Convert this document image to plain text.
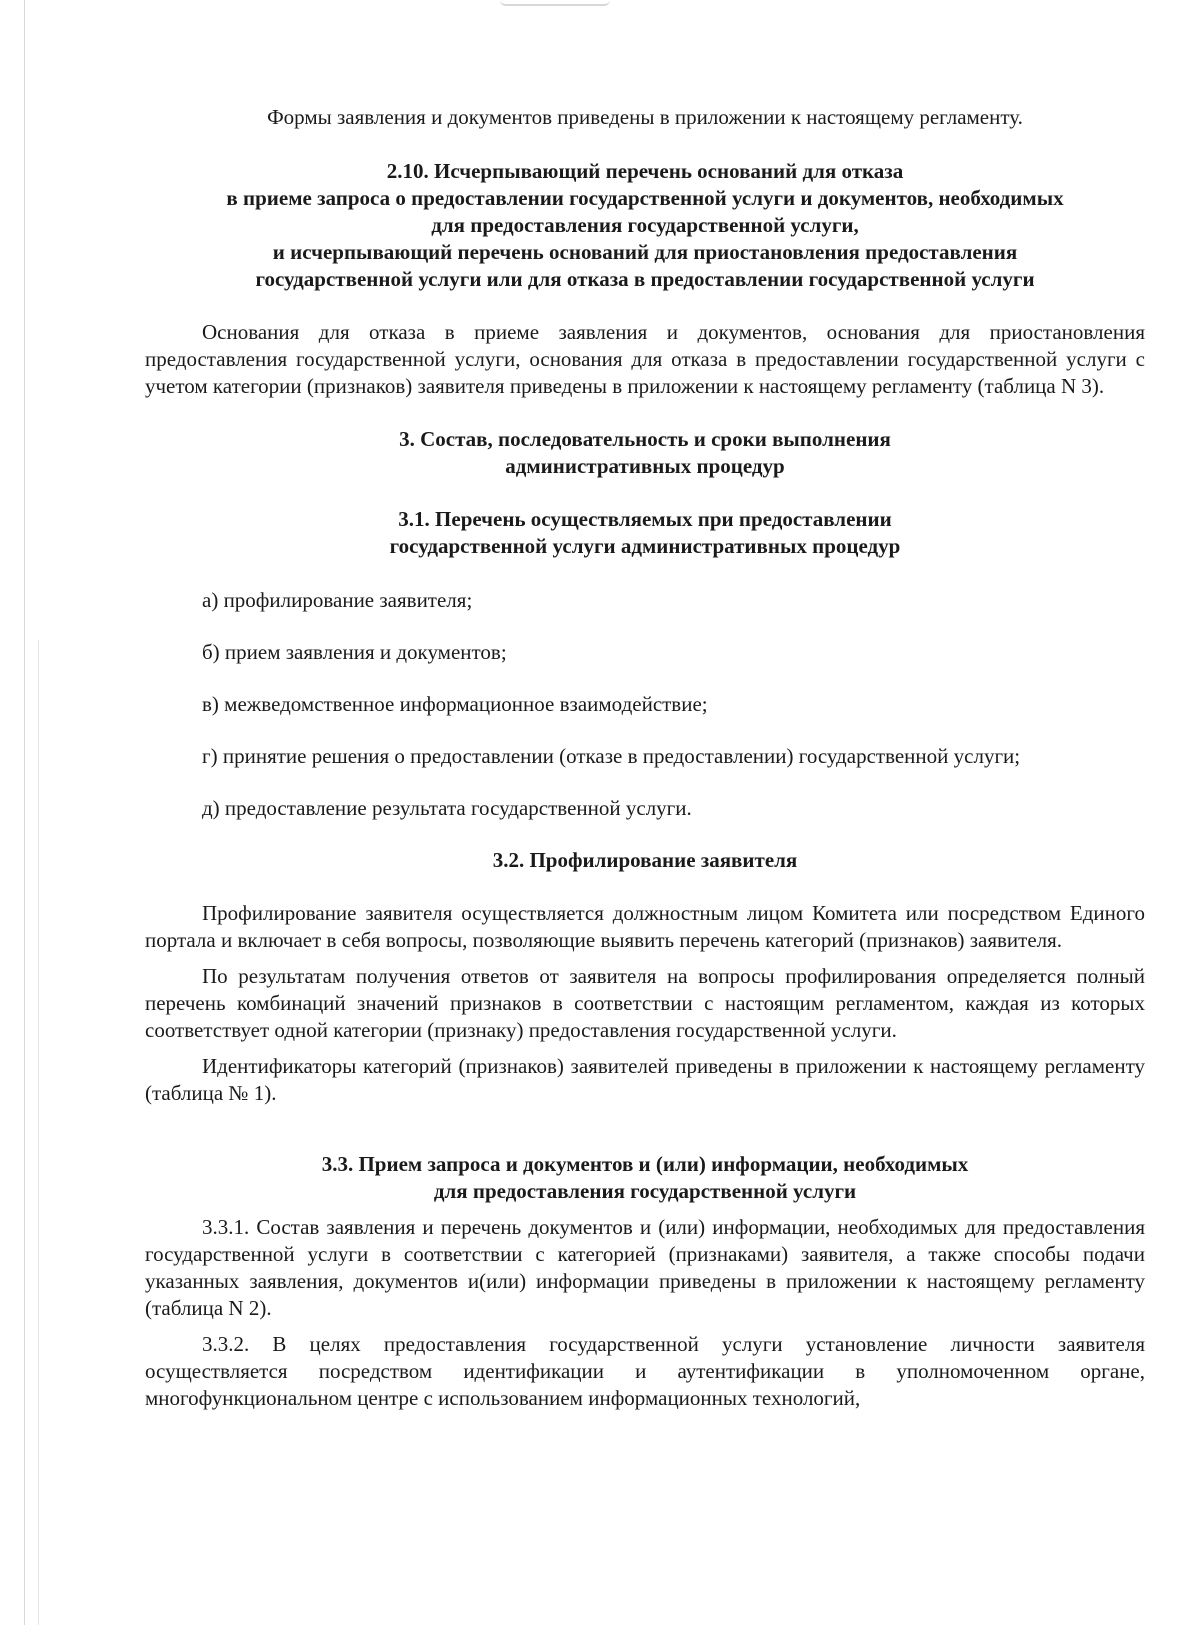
Формы заявления и документов приведены в приложении к настоящему регламенту.

2.10. Исчерпывающий перечень оснований для отказа
в приеме запроса о предоставлении государственной услуги и документов, необходимых
для предоставления государственной услуги,
и исчерпывающий перечень оснований для приостановления предоставления
государственной услуги или для отказа в предоставлении государственной услуги

Основания для отказа в приеме заявления и документов, основания для приостановления предоставления государственной услуги, основания для отказа в предоставлении государственной услуги с учетом категории (признаков) заявителя приведены в приложении к настоящему регламенту (таблица N 3).

3. Состав, последовательность и сроки выполнения
административных процедур
3.1. Перечень осуществляемых при предоставлении
государственной услуги административных процедур

а) профилирование заявителя;

б) прием заявления и документов;

в) межведомственное информационное взаимодействие;

г) принятие решения о предоставлении (отказе в предоставлении) государственной услуги;

д) предоставление результата государственной услуги.

3.2. Профилирование заявителя

Профилирование заявителя осуществляется должностным лицом Комитета или посредством Единого портала и включает в себя вопросы, позволяющие выявить перечень категорий (признаков) заявителя.

По результатам получения ответов от заявителя на вопросы профилирования определяется полный перечень комбинаций значений признаков в соответствии с настоящим регламентом, каждая из которых соответствует одной категории (признаку) предоставления государственной услуги.

Идентификаторы категорий (признаков) заявителей приведены в приложении к настоящему регламенту (таблица № 1).

3.3. Прием запроса и документов и (или) информации, необходимых
для предоставления государственной услуги

3.3.1. Состав заявления и перечень документов и (или) информации, необходимых для предоставления государственной услуги в соответствии с категорией (признаками) заявителя, а также способы подачи указанных заявления, документов и(или) информации приведены в приложении к настоящему регламенту (таблица N 2).

3.3.2. В целях предоставления государственной услуги установление личности заявителя осуществляется посредством идентификации и аутентификации в уполномоченном органе, многофункциональном центре с использованием информационных технологий,
